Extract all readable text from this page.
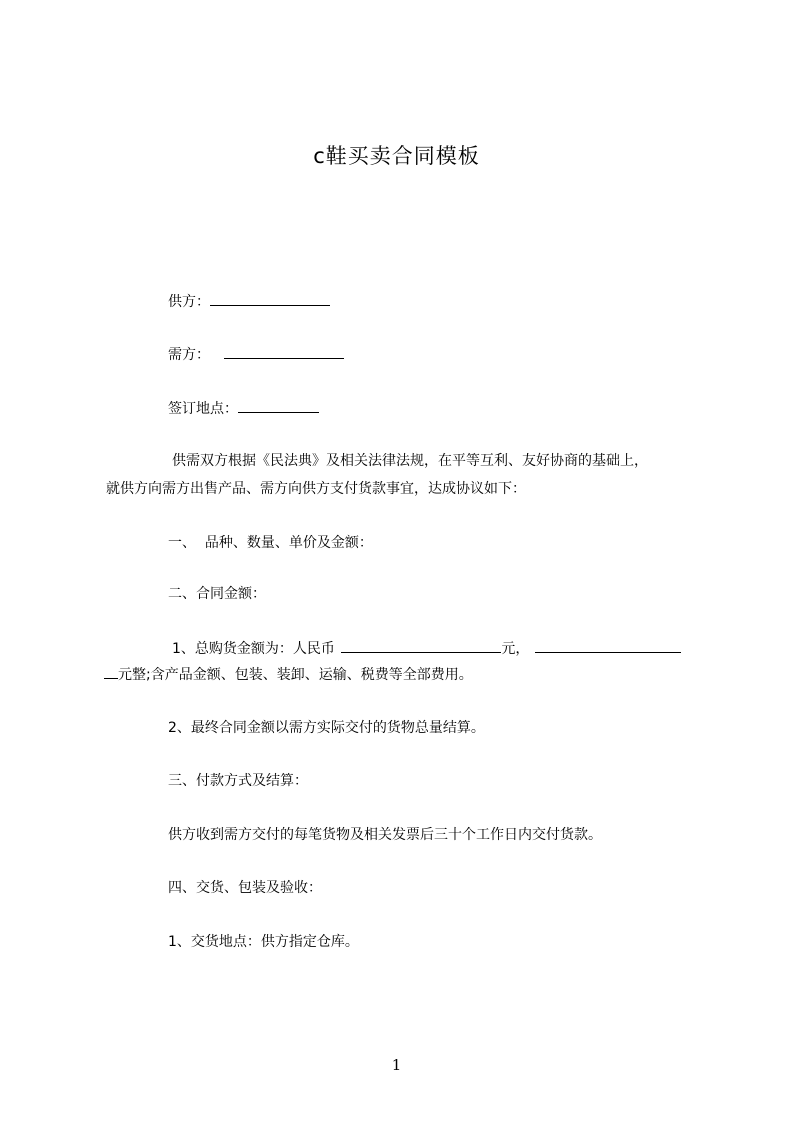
c鞋买卖合同模板
供方：
需方：
签订地点：
供需双方根据《民法典》及相关法律法规，在平等互利、友好协商的基础上，
就供方向需方出售产品、需方向供方支付货款事宜，达成协议如下：
一、  品种、数量、单价及金额：
二、合同金额：
1、总购货金额为：人民币	元，
元整;含产品金额、包装、装卸、运输、税费等全部费用。
2、最终合同金额以需方实际交付的货物总量结算。
三、付款方式及结算：
供方收到需方交付的每笔货物及相关发票后三十个工作日内交付货款。
四、交货、包装及验收：
1、交货地点：供方指定仓库。
1
